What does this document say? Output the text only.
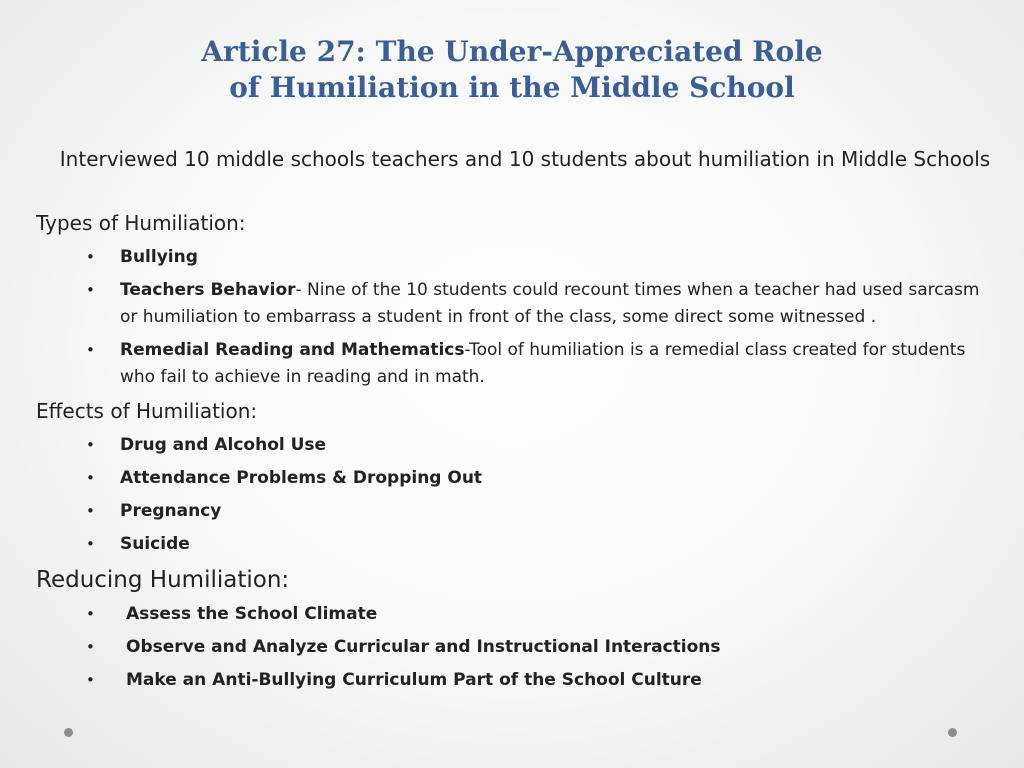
Article 27: The Under-Appreciated Role
of Humiliation in the Middle School
Interviewed 10 middle schools teachers and 10 students about humiliation in Middle Schools
Types of Humiliation:
• Bullying
• Teachers Behavior- Nine of the 10 students could recount times when a teacher had used sarcasm or humiliation to embarrass a student in front of the class, some direct some witnessed .
• Remedial Reading and Mathematics-Tool of humiliation is a remedial class created for students who fail to achieve in reading and in math.
Effects of Humiliation:
• Drug and Alcohol Use
• Attendance Problems & Dropping Out
• Pregnancy
• Suicide
Reducing Humiliation:
• Assess the School Climate
• Observe and Analyze Curricular and Instructional Interactions
• Make an Anti-Bullying Curriculum Part of the School Culture
